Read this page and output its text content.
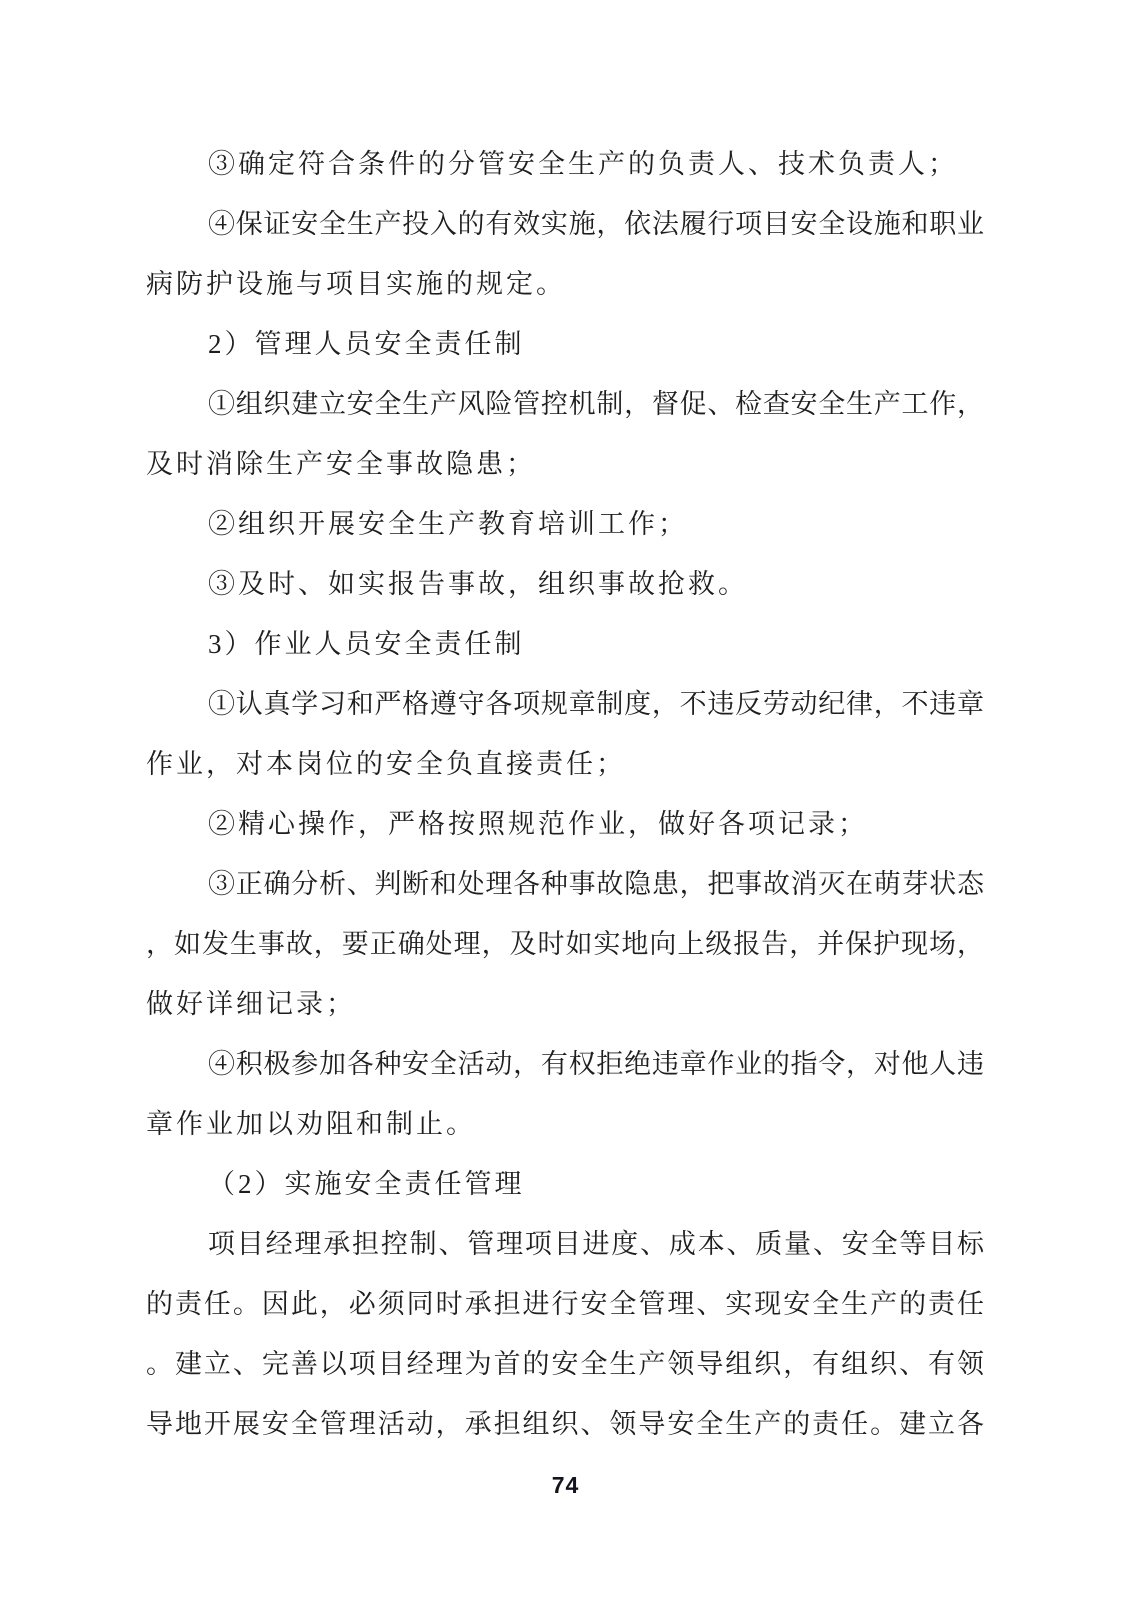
③确定符合条件的分管安全生产的负责人、技术负责人；
④保证安全生产投入的有效实施，依法履行项目安全设施和职业
病防护设施与项目实施的规定。
2）管理人员安全责任制
①组织建立安全生产风险管控机制，督促、检查安全生产工作，
及时消除生产安全事故隐患；
②组织开展安全生产教育培训工作；
③及时、如实报告事故，组织事故抢救。
3）作业人员安全责任制
①认真学习和严格遵守各项规章制度，不违反劳动纪律，不违章
作业，对本岗位的安全负直接责任；
②精心操作，严格按照规范作业，做好各项记录；
③正确分析、判断和处理各种事故隐患，把事故消灭在萌芽状态
，如发生事故，要正确处理，及时如实地向上级报告，并保护现场，
做好详细记录；
④积极参加各种安全活动，有权拒绝违章作业的指令，对他人违
章作业加以劝阻和制止。
（2）实施安全责任管理
项目经理承担控制、管理项目进度、成本、质量、安全等目标
的责任。因此，必须同时承担进行安全管理、实现安全生产的责任
。建立、完善以项目经理为首的安全生产领导组织，有组织、有领
导地开展安全管理活动，承担组织、领导安全生产的责任。建立各
74
